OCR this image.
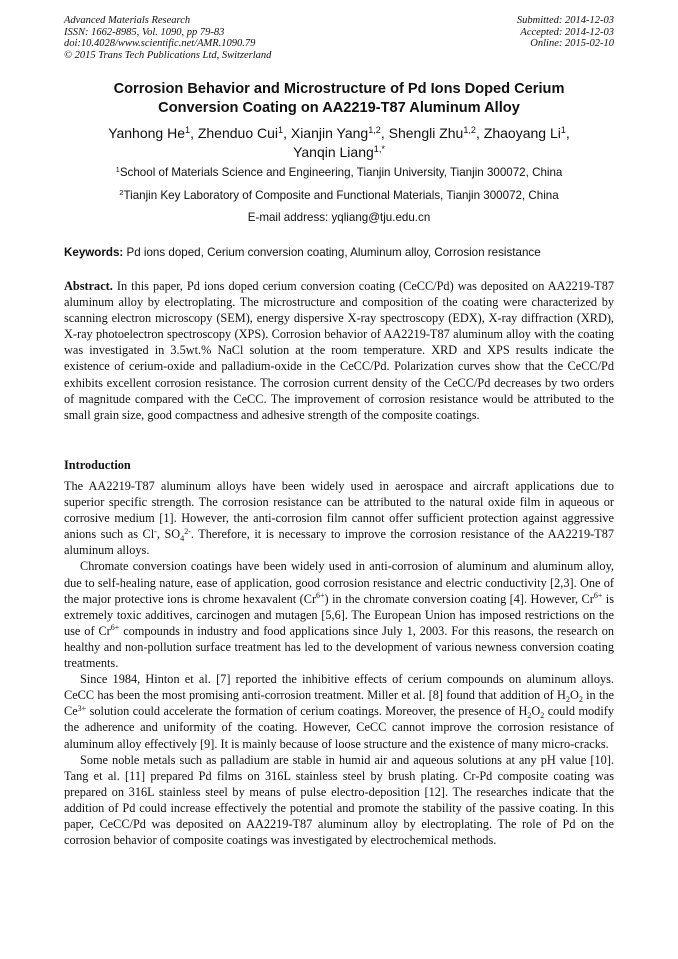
Advanced Materials Research
ISSN: 1662-8985, Vol. 1090, pp 79-83
doi:10.4028/www.scientific.net/AMR.1090.79
© 2015 Trans Tech Publications Ltd, Switzerland
Submitted: 2014-12-03
Accepted: 2014-12-03
Online: 2015-02-10
Corrosion Behavior and Microstructure of Pd Ions Doped Cerium
Conversion Coating on AA2219-T87 Aluminum Alloy
Yanhong He$^1$, Zhenduo Cui$^1$, Xianjin Yang$^{1,2}$, Shengli Zhu$^{1,2}$, Zhaoyang Li$^1$,
Yanqin Liang$^{1,*}$
$^1$School of Materials Science and Engineering, Tianjin University, Tianjin 300072, China
$^2$Tianjin Key Laboratory of Composite and Functional Materials, Tianjin 300072, China
E-mail address: yqliang@tju.edu.cn
Keywords: Pd ions doped, Cerium conversion coating, Aluminum alloy, Corrosion resistance

Abstract. In this paper, Pd ions doped cerium conversion coating (CeCC/Pd) was deposited on AA2219-T87 aluminum alloy by electroplating. The microstructure and composition of the coating were characterized by scanning electron microscopy (SEM), energy dispersive X-ray spectroscopy (EDX), X-ray diffraction (XRD), X-ray photoelectron spectroscopy (XPS). Corrosion behavior of AA2219-T87 aluminum alloy with the coating was investigated in 3.5wt.% NaCl solution at the room temperature. XRD and XPS results indicate the existence of cerium-oxide and palladium-oxide in the CeCC/Pd. Polarization curves show that the CeCC/Pd exhibits excellent corrosion resistance. The corrosion current density of the CeCC/Pd decreases by two orders of magnitude compared with the CeCC. The improvement of corrosion resistance would be attributed to the small grain size, good compactness and adhesive strength of the composite coatings.

Introduction

The AA2219-T87 aluminum alloys have been widely used in aerospace and aircraft applications due to superior specific strength. The corrosion resistance can be attributed to the natural oxide film in aqueous or corrosive medium [1]. However, the anti-corrosion film cannot offer sufficient protection against aggressive anions such as Cl-, $SO_4^{2-}$. Therefore, it is necessary to improve the corrosion resistance of the AA2219-T87 aluminum alloys.

Chromate conversion coatings have been widely used in anti-corrosion of aluminum and aluminum alloy, due to self-healing nature, ease of application, good corrosion resistance and electric conductivity [2,3]. One of the major protective ions is chrome hexavalent $(Cr^{6+})$ in the chromate conversion coating [4]. However, $Cr^{6+}$ is extremely toxic additives, carcinogen and mutagen [5,6]. The European Union has imposed restrictions on the use of $Cr^{6+}$ compounds in industry and food applications since July 1, 2003. For this reasons, the research on healthy and non-pollution surface treatment has led to the development of various newness conversion coating treatments.

Since 1984, Hinton et al. [7] reported the inhibitive effects of cerium compounds on aluminum alloys. CeCC has been the most promising anti-corrosion treatment. Miller et al. [8] found that addition of $H_2O_2$ in the $Ce^{3+}$ solution could accelerate the formation of cerium coatings. Moreover, the presence of $H_2O_2$ could modify the adherence and uniformity of the coating. However, CeCC cannot improve the corrosion resistance of aluminum alloy effectively [9]. It is mainly because of loose structure and the existence of many micro-cracks.

Some noble metals such as palladium are stable in humid air and aqueous solutions at any pH value [10]. Tang et al. [11] prepared Pd films on 316L stainless steel by brush plating. Cr-Pd composite coating was prepared on 316L stainless steel by means of pulse electro-deposition [12]. The researches indicate that the addition of Pd could increase effectively the potential and promote the stability of the passive coating. In this paper, CeCC/Pd was deposited on AA2219-T87 aluminum alloy by electroplating. The role of Pd on the corrosion behavior of composite coatings was investigated by electrochemical methods.
